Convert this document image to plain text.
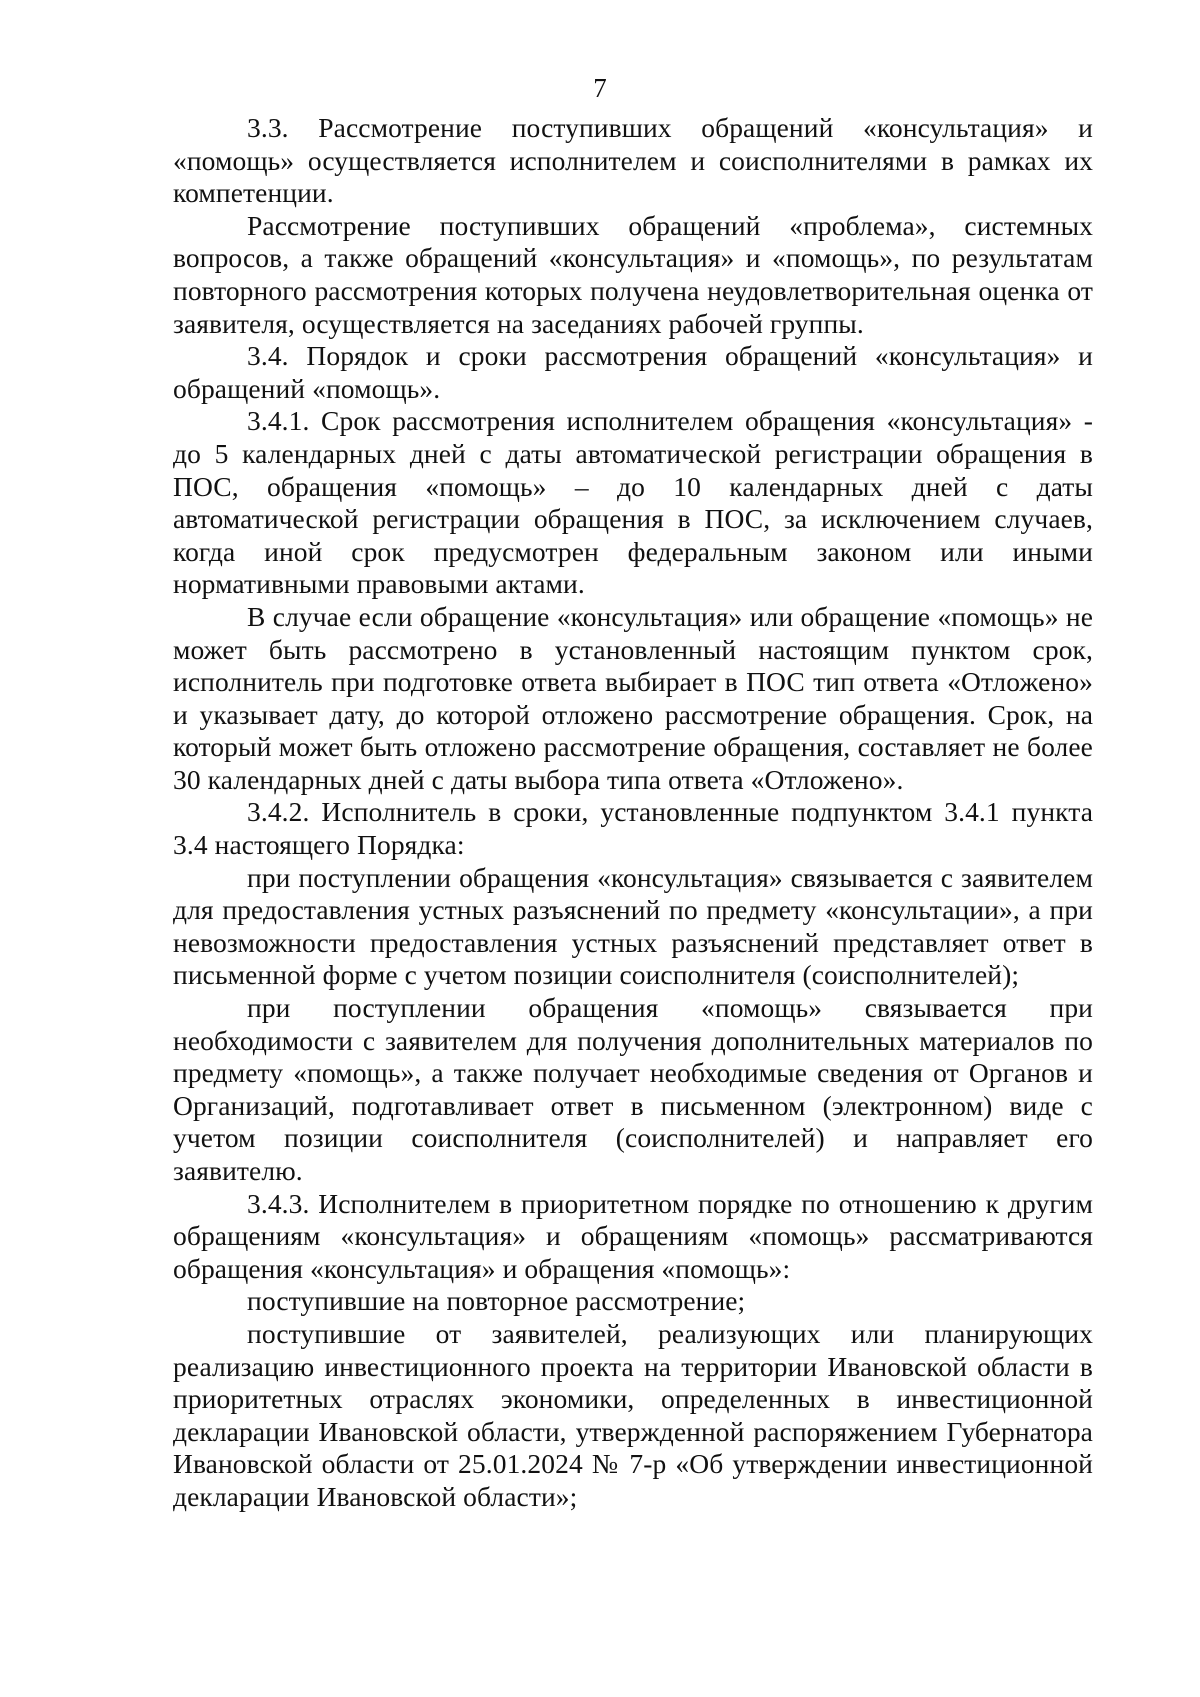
7

3.3. Рассмотрение поступивших обращений «консультация» и «помощь» осуществляется исполнителем и соисполнителями в рамках их компетенции.

Рассмотрение поступивших обращений «проблема», системных вопросов, а также обращений «консультация» и «помощь», по результатам повторного рассмотрения которых получена неудовлетворительная оценка от заявителя, осуществляется на заседаниях рабочей группы.

3.4. Порядок и сроки рассмотрения обращений «консультация» и обращений «помощь».

3.4.1. Срок рассмотрения исполнителем обращения «консультация» - до 5 календарных дней с даты автоматической регистрации обращения в ПОС, обращения «помощь» – до 10 календарных дней с даты автоматической регистрации обращения в ПОС, за исключением случаев, когда иной срок предусмотрен федеральным законом или иными нормативными правовыми актами.

В случае если обращение «консультация» или обращение «помощь» не может быть рассмотрено в установленный настоящим пунктом срок, исполнитель при подготовке ответа выбирает в ПОС тип ответа «Отложено» и указывает дату, до которой отложено рассмотрение обращения. Срок, на который может быть отложено рассмотрение обращения, составляет не более 30 календарных дней с даты выбора типа ответа «Отложено».

3.4.2. Исполнитель в сроки, установленные подпунктом 3.4.1 пункта 3.4 настоящего Порядка:

при поступлении обращения «консультация» связывается с заявителем для предоставления устных разъяснений по предмету «консультации», а при невозможности предоставления устных разъяснений представляет ответ в письменной форме с учетом позиции соисполнителя (соисполнителей);

при поступлении обращения «помощь» связывается при необходимости с заявителем для получения дополнительных материалов по предмету «помощь», а также получает необходимые сведения от Органов и Организаций, подготавливает ответ в письменном (электронном) виде с учетом позиции соисполнителя (соисполнителей) и направляет его заявителю.

3.4.3. Исполнителем в приоритетном порядке по отношению к другим обращениям «консультация» и обращениям «помощь» рассматриваются обращения «консультация» и обращения «помощь»:

поступившие на повторное рассмотрение;

поступившие от заявителей, реализующих или планирующих реализацию инвестиционного проекта на территории Ивановской области в приоритетных отраслях экономики, определенных в инвестиционной декларации Ивановской области, утвержденной распоряжением Губернатора Ивановской области от 25.01.2024 № 7-р «Об утверждении инвестиционной декларации Ивановской области»;
